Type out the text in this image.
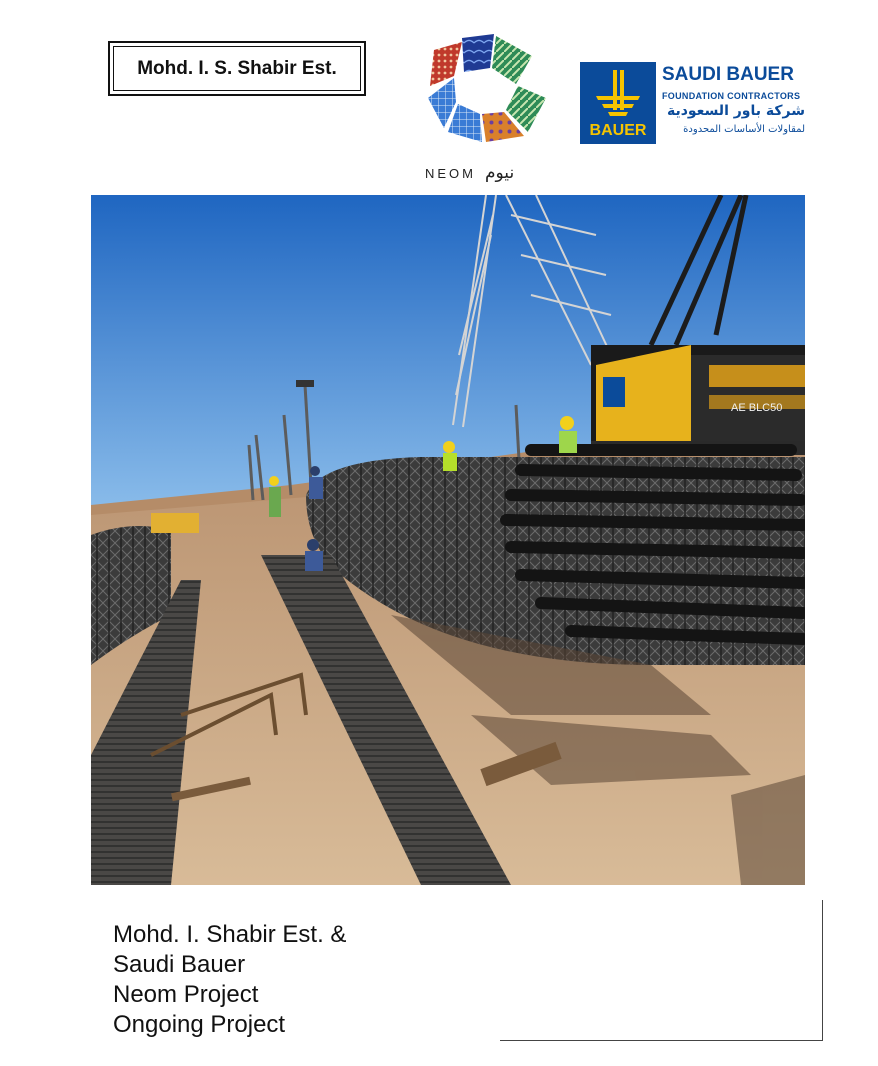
Mohd. I. S. Shabir Est.
NEOM نيوم
BAUER
SAUDI BAUER
FOUNDATION CONTRACTORS
شركة باور السعودية
لمقاولات الأساسات المحدودة
AE BLC50
Mohd. I. Shabir Est. &
Saudi Bauer
Neom Project
Ongoing Project
